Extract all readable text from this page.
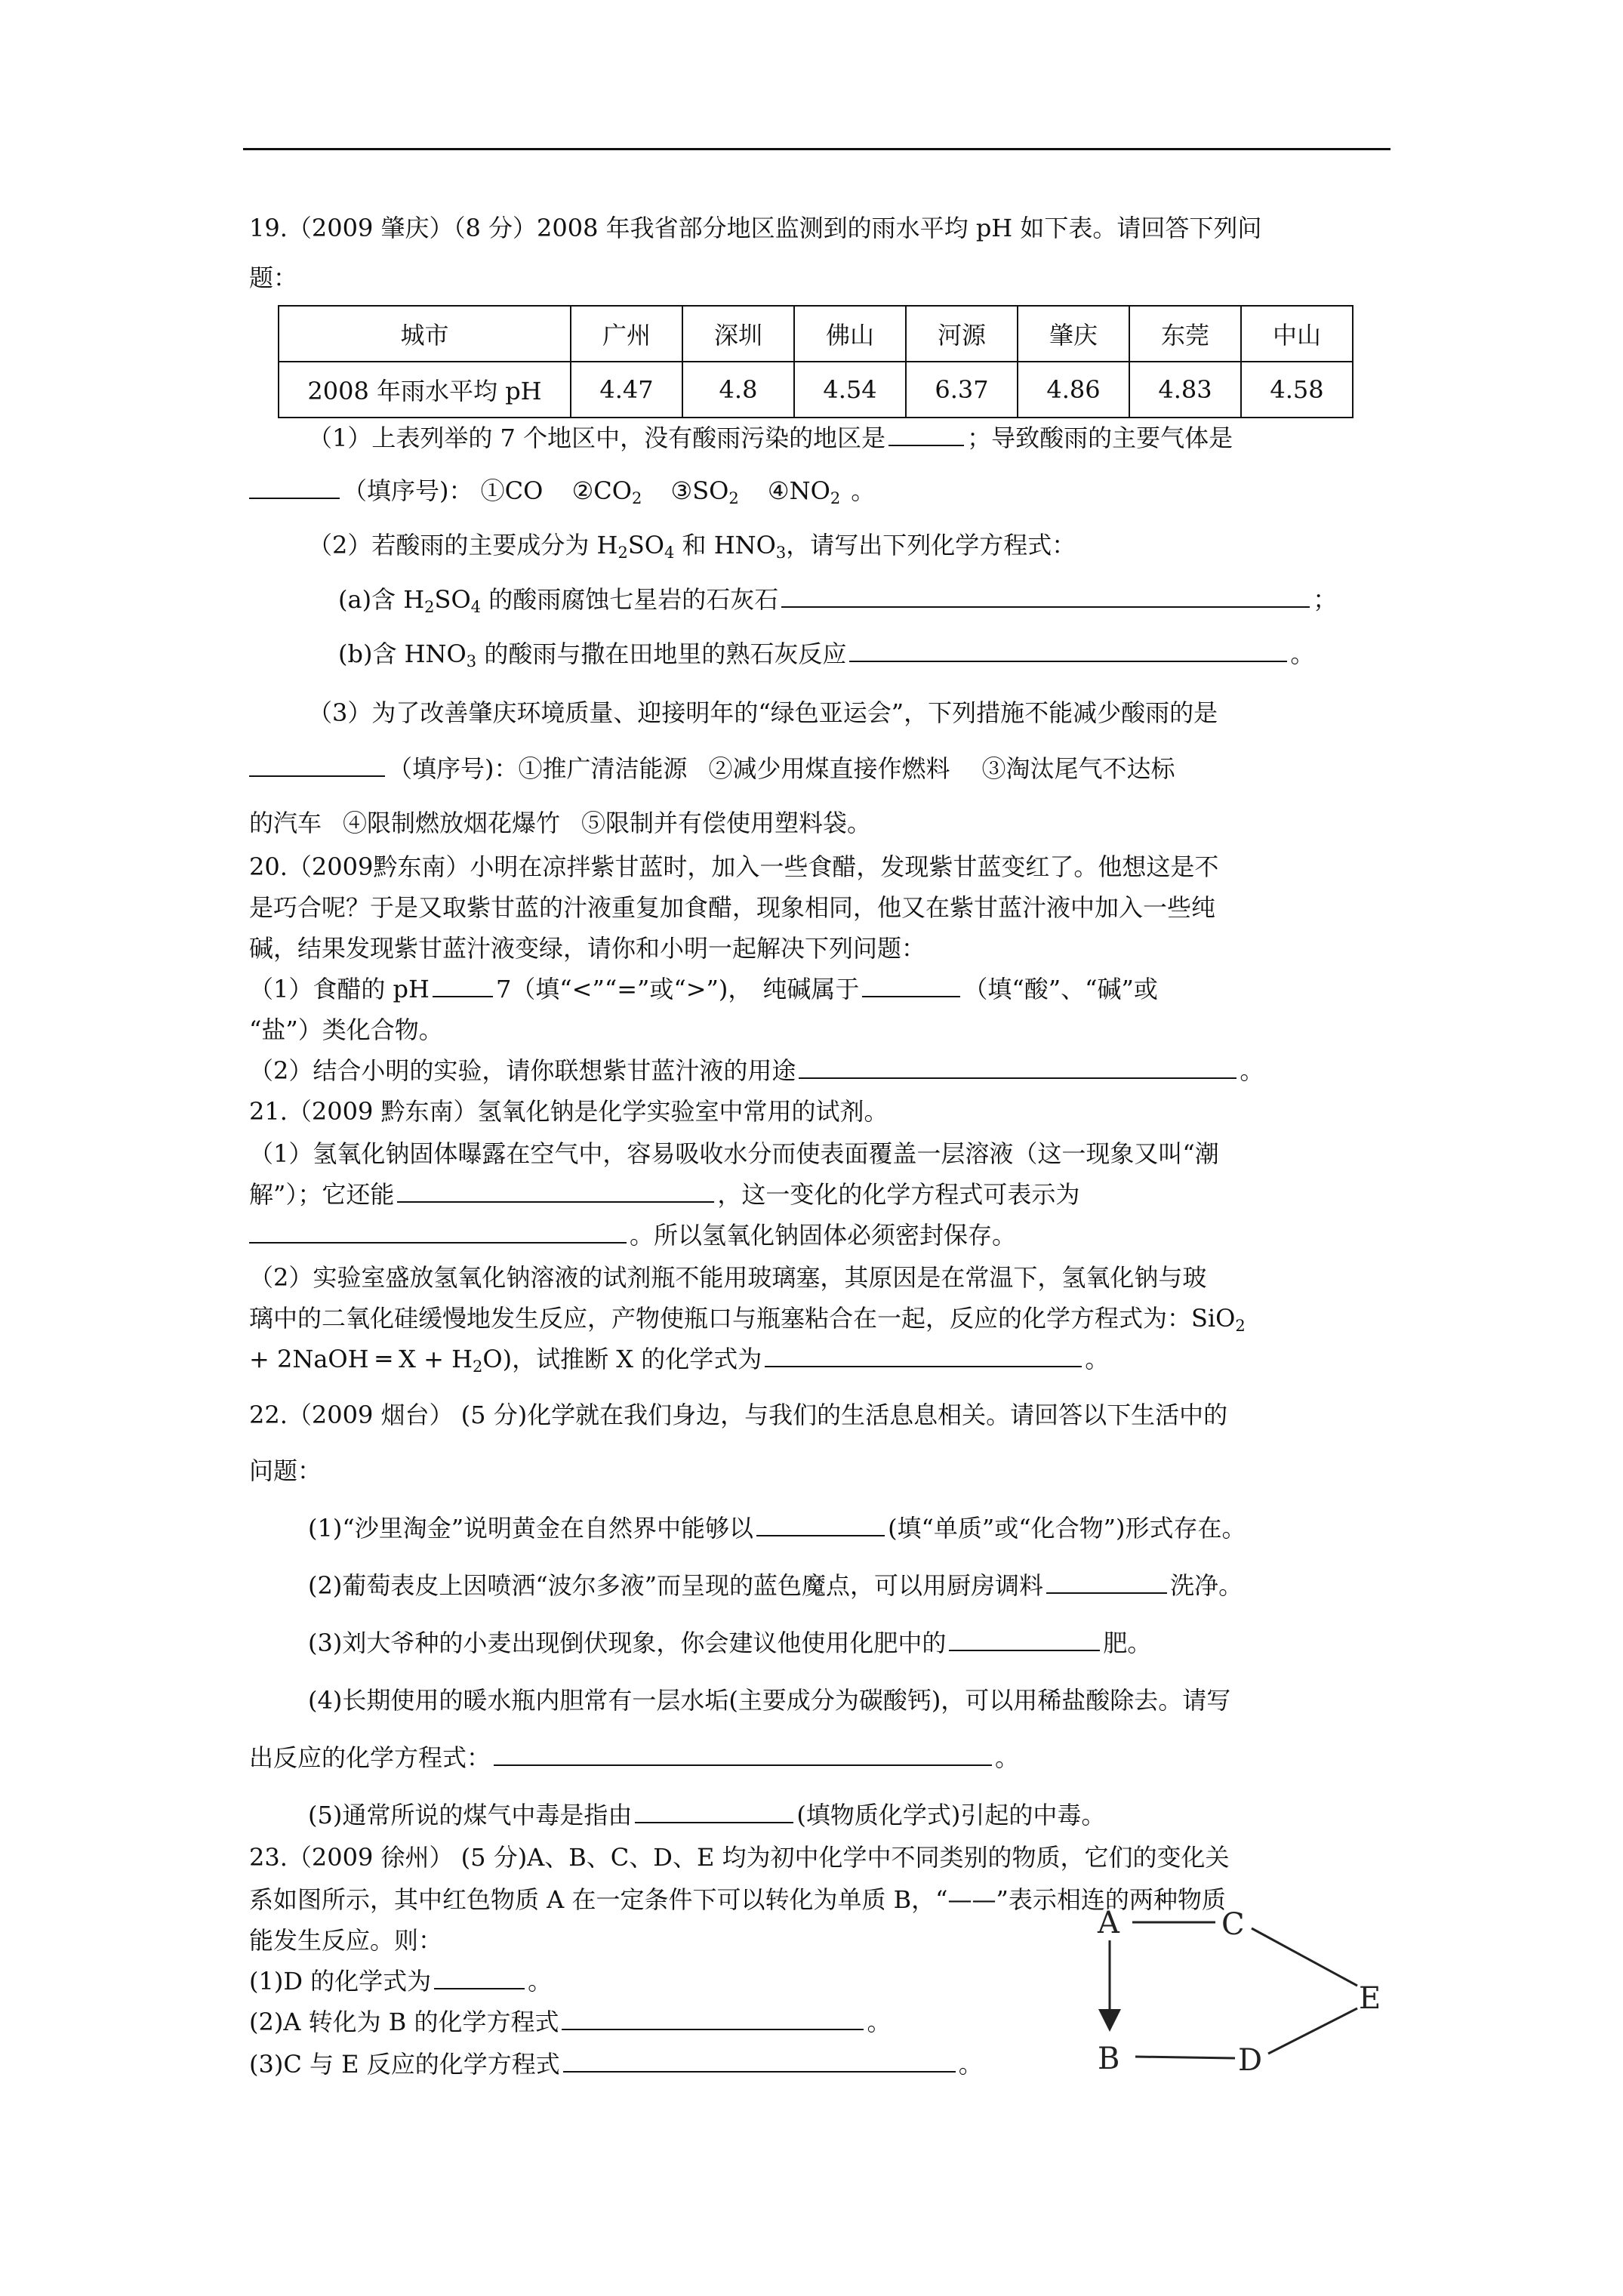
19.（2009 肇庆）（8 分）2008 年我省部分地区监测到的雨水平均 pH 如下表。请回答下列问
题：
城市	广州	深圳	佛山	河源	肇庆	东莞	中山
2008 年雨水平均 pH	4.47	4.8	4.54	6.37	4.86	4.83	4.58
（1）上表列举的 7 个地区中，没有酸雨污染的地区是	；导致酸雨的主要气体是
（填序号)： ①CO $②CO_2$ $③SO_2$ $④NO_2$ 。
（2）若酸雨的主要成分为 $H_2SO_4$ 和 $HNO_3$，请写出下列化学方程式：
(a)含 $H_2SO_4$ 的酸雨腐蚀七星岩的石灰石	；
(b)含 $HNO_3$ 的酸雨与撒在田地里的熟石灰反应	。
（3）为了改善肇庆环境质量、迎接明年的“绿色亚运会”，下列措施不能减少酸雨的是
（填序号)：①推广清洁能源 ②减少用煤直接作燃料 ③淘汰尾气不达标
的汽车 ④限制燃放烟花爆竹 ⑤限制并有偿使用塑料袋。
20.（2009黔东南）小明在凉拌紫甘蓝时，加入一些食醋，发现紫甘蓝变红了。他想这是不
是巧合呢？于是又取紫甘蓝的汁液重复加食醋，现象相同，他又在紫甘蓝汁液中加入一些纯
碱，结果发现紫甘蓝汁液变绿，请你和小明一起解决下列问题：
（1）食醋的 pH	7（填“<”“=”或“>”)， 纯碱属于	（填“酸”、“碱”或
“盐”）类化合物。
（2）结合小明的实验，请你联想紫甘蓝汁液的用途	。
21.（2009 黔东南）氢氧化钠是化学实验室中常用的试剂。
（1）氢氧化钠固体曝露在空气中，容易吸收水分而使表面覆盖一层溶液（这一现象又叫“潮
解”）；它还能	，这一变化的化学方程式可表示为
。所以氢氧化钠固体必须密封保存。
（2）实验室盛放氢氧化钠溶液的试剂瓶不能用玻璃塞，其原因是在常温下，氢氧化钠与玻
璃中的二氧化硅缓慢地发生反应，产物使瓶口与瓶塞粘合在一起，反应的化学方程式为：SiO$_2$
+ 2NaOH ═ $X + H_2O$)，试推断 X 的化学式为	。
22.（2009 烟台） (5 分)化学就在我们身边，与我们的生活息息相关。请回答以下生活中的
问题：
(1)“沙里淘金”说明黄金在自然界中能够以	(填“单质”或“化合物”)形式存在。
(2)葡萄表皮上因喷洒“波尔多液”而呈现的蓝色魔点，可以用厨房调料	洗净。
(3)刘大爷种的小麦出现倒伏现象，你会建议他使用化肥中的	肥。
(4)长期使用的暖水瓶内胆常有一层水垢(主要成分为碳酸钙)，可以用稀盐酸除去。请写
出反应的化学方程式：	。
(5)通常所说的煤气中毒是指由	(填物质化学式)引起的中毒。
23.（2009 徐州） (5 分)A、B、C、D、E 均为初中化学中不同类别的物质，它们的变化关
系如图所示，其中红色物质 A 在一定条件下可以转化为单质 B，“——”表示相连的两种物质
能发生反应。则：
(1)D 的化学式为	。
(2)A 转化为 B 的化学方程式	。
(3)C 与 E 反应的化学方程式	。
A	C
E
B	D
